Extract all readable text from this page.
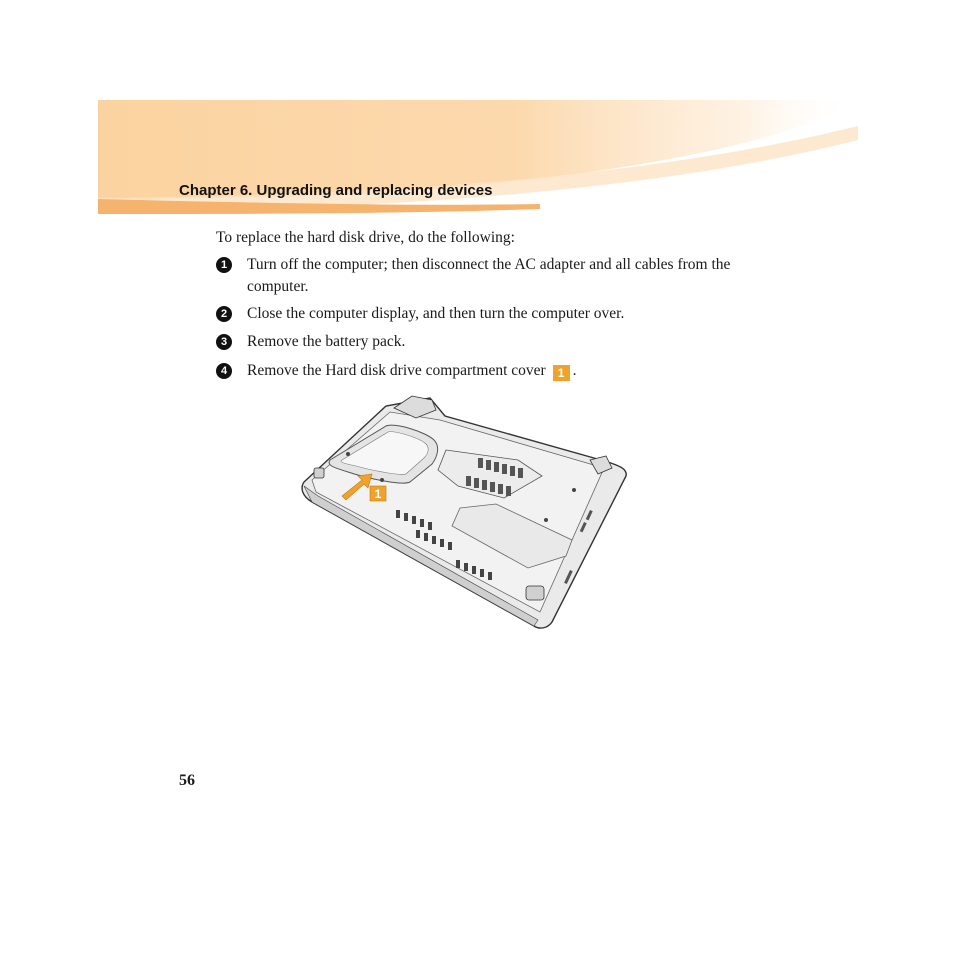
Chapter 6. Upgrading and replacing devices
To replace the hard disk drive, do the following:
1	Turn off the computer; then disconnect the AC adapter and all cables from the computer.
2	Close the computer display, and then turn the computer over.
3	Remove the battery pack.
4	Remove the Hard disk drive compartment cover 1 .
1
56
